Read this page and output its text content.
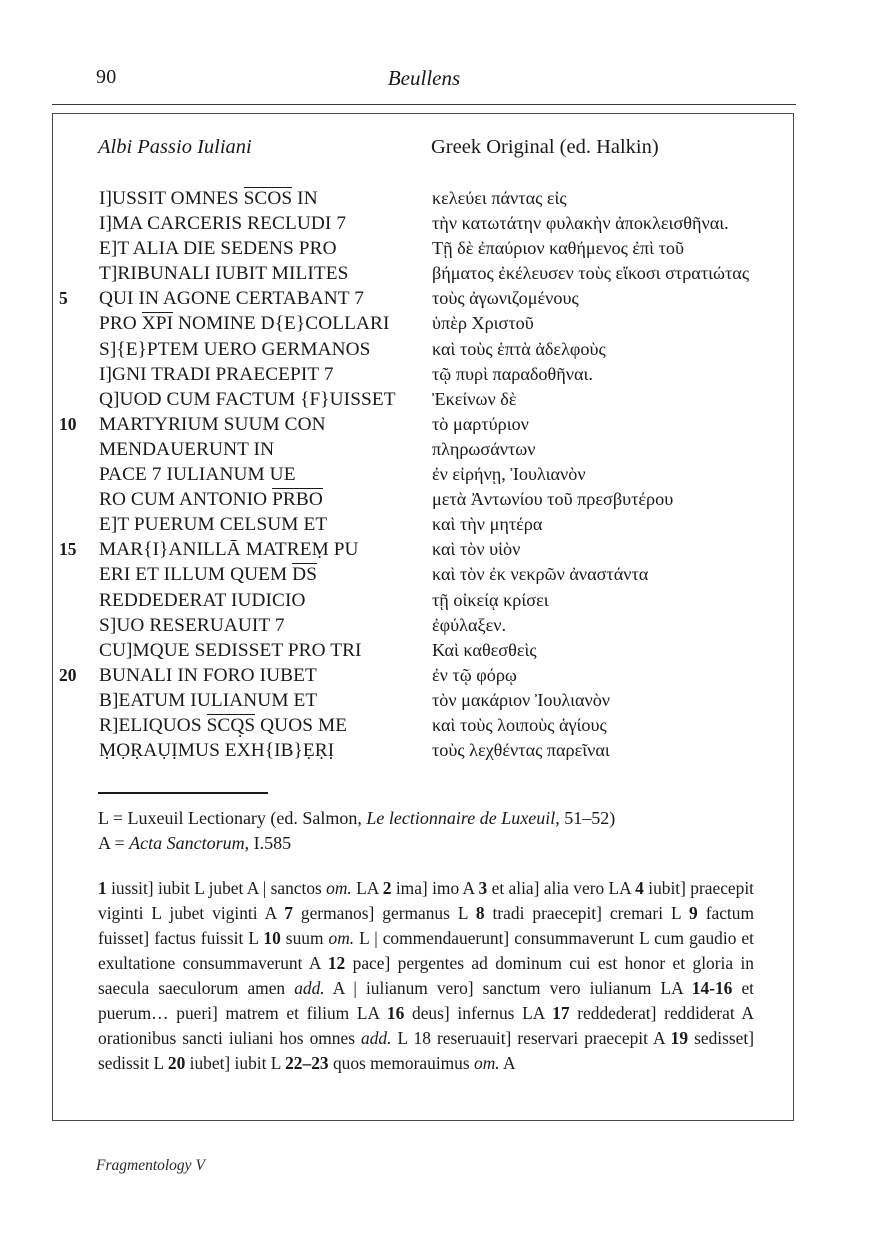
90	Beullens
Albi Passio Iuliani	Greek Original (ed. Halkin)
	I]USSIT OMNES SCOS IN	κελεύει πάντας εἰς
	I]MA CARCERIS RECLUDI 7	τὴν κατωτάτην φυλακὴν ἀποκλεισθῆναι.
	E]T ALIA DIE SEDENS PRO	Τῇ δὲ ἐπαύριον καθήμενος ἐπὶ τοῦ
	T]RIBUNALI IUBIT MILITES	βήματος ἐκέλευσεν τοὺς εἴκοσι στρατιώτας
5	QUI IN AGONE CERTABANT 7	τοὺς ἀγωνιζομένους
	PRO XPI NOMINE D{E}COLLARI	ὑπὲρ Χριστοῦ
	S]{E}PTEM UERO GERMANOS	καὶ τοὺς ἑπτὰ ἀδελφοὺς
	I]GNI TRADI PRAECEPIT 7	τῷ πυρὶ παραδοθῆναι.
	Q]UOD CUM FACTUM {F}UISSET	Ἐκείνων δὲ
10	MARTYRIUM SUUM CON	τὸ μαρτύριον
	MENDAUERUNT IN	πληρωσάντων
	PACE 7 IULIANUM UE	ἐν εἰρήνῃ, Ἰουλιανὸν
	RO CUM ANTONIO PRBO	μετὰ Ἀντωνίου τοῦ πρεσβυτέρου
	E]T PUERUM CELSUM ET	καὶ τὴν μητέρα
15	MAR{I}ANILLĀ MATREṂ PU	καὶ τὸν υἱὸν
	ERI ET ILLUM QUEM DS	καὶ τὸν ἐκ νεκρῶν ἀναστάντα
	REDDEDERAT IUDICIO	τῇ οἰκείᾳ κρίσει
	S]UO RESERUAUIT 7	ἐφύλαξεν.
	CU]MQUE SEDISSET PRO TRI	Καὶ καθεσθεὶς
20	BUNALI IN FORO IUBET	ἐν τῷ φόρῳ
	B]EATUM IULIANUM ET	τὸν μακάριον Ἰουλιανὸν
	R]ELIQUOS SCQ̣S QUOS ME	καὶ τοὺς λοιποὺς ἁγίους
	ṂỌṚAỤỊMUS EXH{IB}ẸṚỊ	τοὺς λεχθέντας παρεῖναι
L = Luxeuil Lectionary (ed. Salmon, Le lectionnaire de Luxeuil, 51–52)
A = Acta Sanctorum, I.585
1 iussit] iubit L jubet A | sanctos om. LA 2 ima] imo A 3 et alia] alia vero LA 4 iubit] praecepit viginti L jubet viginti A 7 germanos] germanus L 8 tradi praecepit] cremari L 9 factum fuisset] factus fuissit L 10 suum om. L | commendauerunt] consummaverunt L cum gaudio et exultatione consummaverunt A 12 pace] pergentes ad dominum cui est honor et gloria in saecula saeculorum amen add. A | iulianum vero] sanctum vero iulianum LA 14-16 et puerum… pueri] matrem et filium LA 16 deus] infernus LA 17 reddederat] reddiderat A orationibus sancti iuliani hos omnes add. L 18 reseruauit] reservari praecepit A 19 sedisset] sedissit L 20 iubet] iubit L 22–23 quos memorauimus om. A
Fragmentology V
